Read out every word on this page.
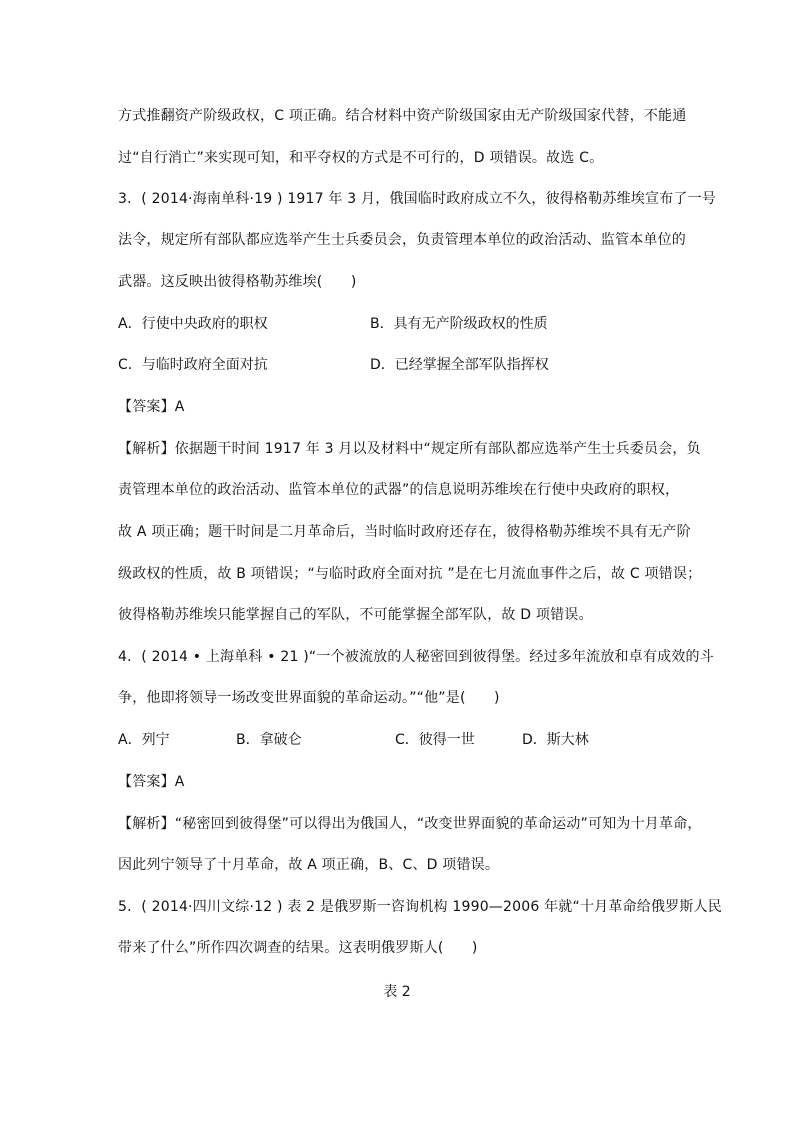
方式推翻资产阶级政权，C 项正确。结合材料中资产阶级国家由无产阶级国家代替，不能通
过“自行消亡”来实现可知，和平夺权的方式是不可行的，D 项错误。故选 C。
3．( 2014·海南单科·19 ) 1917 年 3 月，俄国临时政府成立不久，彼得格勒苏维埃宣布了一号
法令，规定所有部队都应选举产生士兵委员会，负责管理本单位的政治活动、监管本单位的
武器。这反映出彼得格勒苏维埃(　　)
A．行使中央政府的职权	B．具有无产阶级政权的性质
C．与临时政府全面对抗	D．已经掌握全部军队指挥权
【答案】A
【解析】依据题干时间 1917 年 3 月以及材料中“规定所有部队都应选举产生士兵委员会，负
责管理本单位的政治活动、监管本单位的武器”的信息说明苏维埃在行使中央政府的职权，
故 A 项正确；题干时间是二月革命后，当时临时政府还存在，彼得格勒苏维埃不具有无产阶
级政权的性质，故 B 项错误；“与临时政府全面对抗 ”是在七月流血事件之后，故 C 项错误；
彼得格勒苏维埃只能掌握自己的军队，不可能掌握全部军队，故 D 项错误。
4．( 2014 • 上海单科 • 21 )“一个被流放的人秘密回到彼得堡。经过多年流放和卓有成效的斗
争，他即将领导一场改变世界面貌的革命运动。”“他”是(　　)
A．列宁	B．拿破仑	C．彼得一世	D．斯大林
【答案】A
【解析】“秘密回到彼得堡”可以得出为俄国人，“改变世界面貌的革命运动”可知为十月革命，
因此列宁领导了十月革命，故 A 项正确，B、C、D 项错误。
5．( 2014·四川文综·12 ) 表 2 是俄罗斯一咨询机构 1990—2006 年就“十月革命给俄罗斯人民
带来了什么”所作四次调查的结果。这表明俄罗斯人(　　)
表 2
